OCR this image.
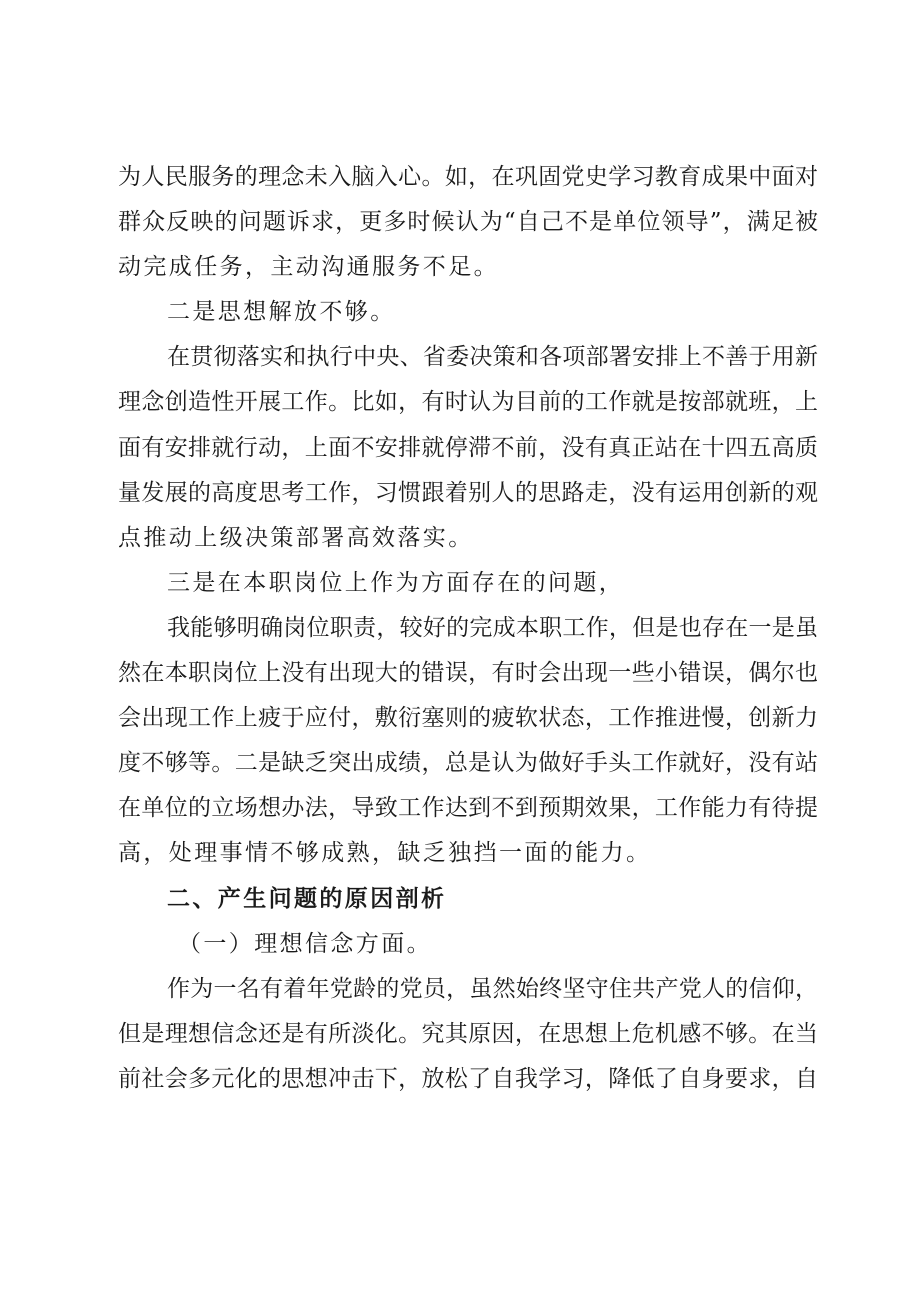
为人民服务的理念未入脑入心。如，在巩固党史学习教育成果中面对
群众反映的问题诉求，更多时候认为“自己不是单位领导”，满足被
动完成任务，主动沟通服务不足。
二是思想解放不够。
在贯彻落实和执行中央、省委决策和各项部署安排上不善于用新
理念创造性开展工作。比如，有时认为目前的工作就是按部就班，上
面有安排就行动，上面不安排就停滞不前，没有真正站在十四五高质
量发展的高度思考工作，习惯跟着别人的思路走，没有运用创新的观
点推动上级决策部署高效落实。
三是在本职岗位上作为方面存在的问题，
我能够明确岗位职责，较好的完成本职工作，但是也存在一是虽
然在本职岗位上没有出现大的错误，有时会出现一些小错误，偶尔也
会出现工作上疲于应付，敷衍塞则的疲软状态，工作推进慢，创新力
度不够等。二是缺乏突出成绩，总是认为做好手头工作就好，没有站
在单位的立场想办法，导致工作达到不到预期效果，工作能力有待提
高，处理事情不够成熟，缺乏独挡一面的能力。
二、产生问题的原因剖析
（一）理想信念方面。
作为一名有着年党龄的党员，虽然始终坚守住共产党人的信仰，
但是理想信念还是有所淡化。究其原因，在思想上危机感不够。在当
前社会多元化的思想冲击下，放松了自我学习，降低了自身要求，自
